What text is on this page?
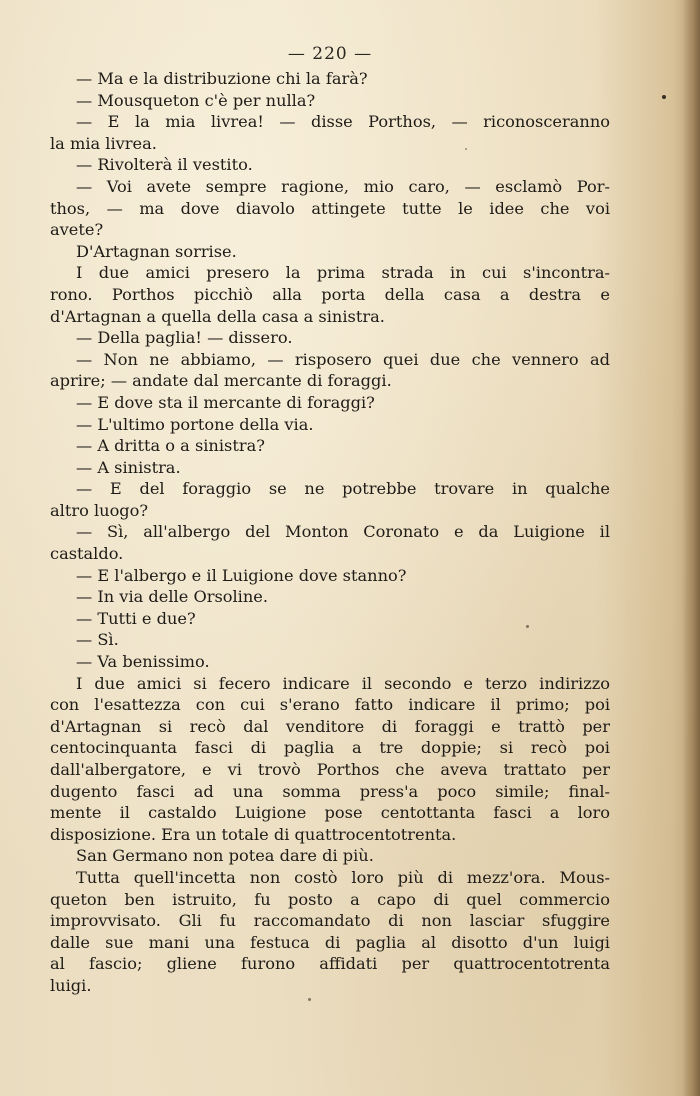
— 220 —
— Ma e la distribuzione chi la farà?
— Mousqueton c'è per nulla?
— E la mia livrea! — disse Porthos, — riconosceranno
la mia livrea.
— Rivolterà il vestito.
— Voi avete sempre ragione, mio caro, — esclamò Por-
thos, — ma dove diavolo attingete tutte le idee che voi
avete?
D'Artagnan sorrise.
I due amici presero la prima strada in cui s'incontra-
rono. Porthos picchiò alla porta della casa a destra e
d'Artagnan a quella della casa a sinistra.
— Della paglia! — dissero.
— Non ne abbiamo, — risposero quei due che vennero ad
aprire; — andate dal mercante di foraggi.
— E dove sta il mercante di foraggi?
— L'ultimo portone della via.
— A dritta o a sinistra?
— A sinistra.
— E del foraggio se ne potrebbe trovare in qualche
altro luogo?
— Sì, all'albergo del Monton Coronato e da Luigione il
castaldo.
— E l'albergo e il Luigione dove stanno?
— In via delle Orsoline.
— Tutti e due?
— Sì.
— Va benissimo.
I due amici si fecero indicare il secondo e terzo indirizzo
con l'esattezza con cui s'erano fatto indicare il primo; poi
d'Artagnan si recò dal venditore di foraggi e trattò per
centocinquanta fasci di paglia a tre doppie; si recò poi
dall'albergatore, e vi trovò Porthos che aveva trattato per
dugento fasci ad una somma press'a poco simile; final-
mente il castaldo Luigione pose centottanta fasci a loro
disposizione. Era un totale di quattrocentotrenta.
San Germano non potea dare di più.
Tutta quell'incetta non costò loro più di mezz'ora. Mous-
queton ben istruito, fu posto a capo di quel commercio
improvvisato. Gli fu raccomandato di non lasciar sfuggire
dalle sue mani una festuca di paglia al disotto d'un luigi
al fascio; gliene furono affidati per quattrocentotrenta
luigi.
